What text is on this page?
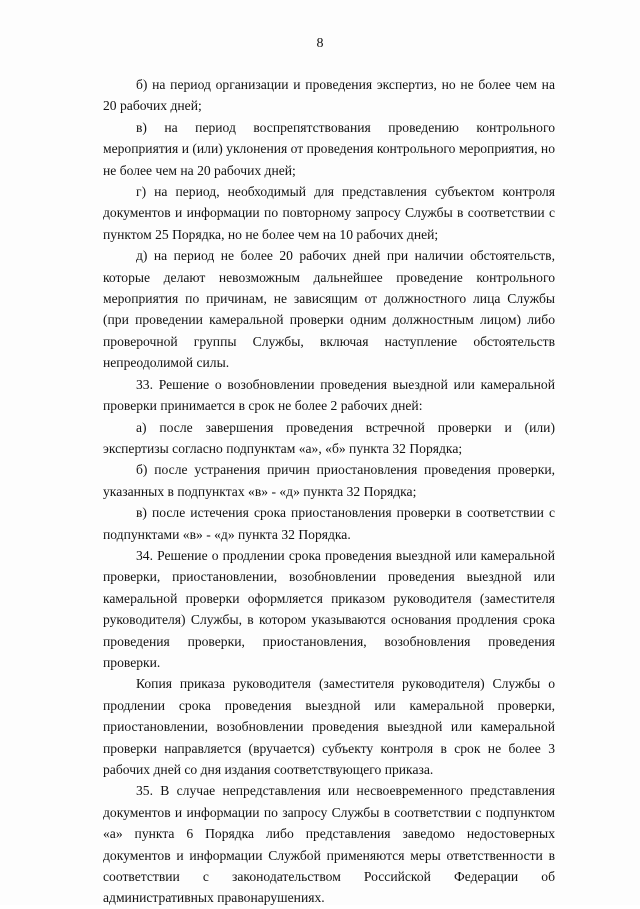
8

б) на период организации и проведения экспертиз, но не более чем на 20 рабочих дней;

в) на период воспрепятствования проведению контрольного мероприятия и (или) уклонения от проведения контрольного мероприятия, но не более чем на 20 рабочих дней;

г) на период, необходимый для представления субъектом контроля документов и информации по повторному запросу Службы в соответствии с пунктом 25 Порядка, но не более чем на 10 рабочих дней;

д) на период не более 20 рабочих дней при наличии обстоятельств, которые делают невозможным дальнейшее проведение контрольного мероприятия по причинам, не зависящим от должностного лица Службы (при проведении камеральной проверки одним должностным лицом) либо проверочной группы Службы, включая наступление обстоятельств непреодолимой силы.

33. Решение о возобновлении проведения выездной или камеральной проверки принимается в срок не более 2 рабочих дней:

а) после завершения проведения встречной проверки и (или) экспертизы согласно подпунктам «а», «б» пункта 32 Порядка;

б) после устранения причин приостановления проведения проверки, указанных в подпунктах «в» - «д» пункта 32 Порядка;

в) после истечения срока приостановления проверки в соответствии с подпунктами «в» - «д» пункта 32 Порядка.

34. Решение о продлении срока проведения выездной или камеральной проверки, приостановлении, возобновлении проведения выездной или камеральной проверки оформляется приказом руководителя (заместителя руководителя) Службы, в котором указываются основания продления срока проведения проверки, приостановления, возобновления проведения проверки.

Копия приказа руководителя (заместителя руководителя) Службы о продлении срока проведения выездной или камеральной проверки, приостановлении, возобновлении проведения выездной или камеральной проверки направляется (вручается) субъекту контроля в срок не более 3 рабочих дней со дня издания соответствующего приказа.

35. В случае непредставления или несвоевременного представления документов и информации по запросу Службы в соответствии с подпунктом «а» пункта 6 Порядка либо представления заведомо недостоверных документов и информации Службой применяются меры ответственности в соответствии с законодательством Российской Федерации об административных правонарушениях.
